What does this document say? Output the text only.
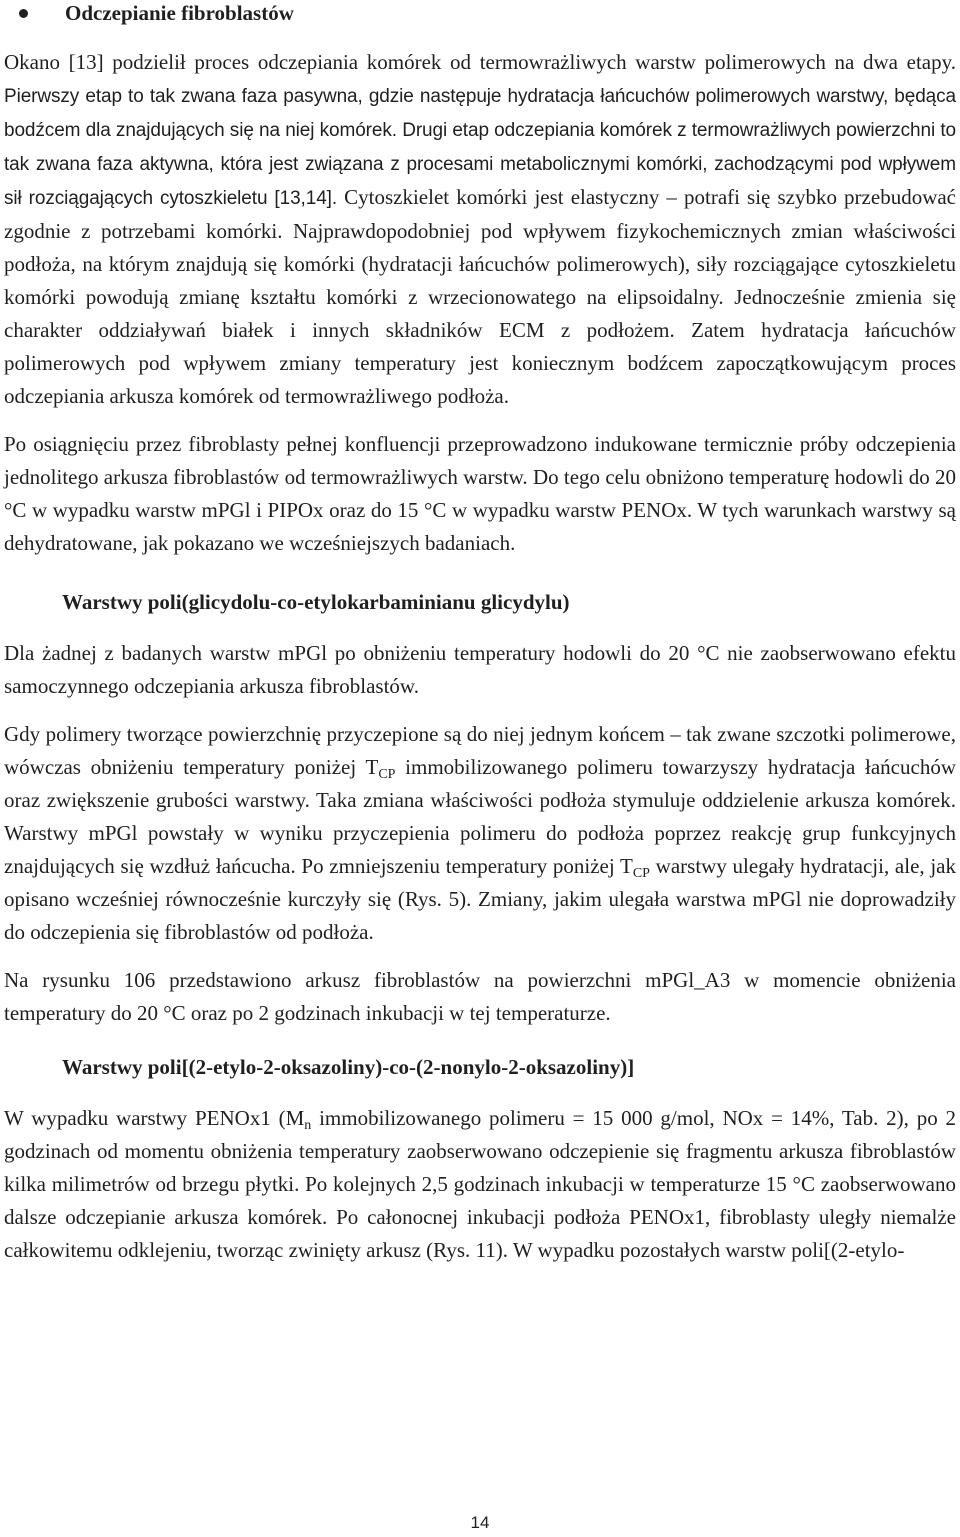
Odczepianie fibroblastów

Okano [13] podzielił proces odczepiania komórek od termowrażliwych warstw polimerowych na dwa etapy. Pierwszy etap to tak zwana faza pasywna, gdzie następuje hydratacja łańcuchów polimerowych warstwy, będąca bodźcem dla znajdujących się na niej komórek. Drugi etap odczepiania komórek z termowrażliwych powierzchni to tak zwana faza aktywna, która jest związana z procesami metabolicznymi komórki, zachodzącymi pod wpływem sił rozciągających cytoszkieletu [13,14]. Cytoszkielet komórki jest elastyczny – potrafi się szybko przebudować zgodnie z potrzebami komórki. Najprawdopodobniej pod wpływem fizykochemicznych zmian właściwości podłoża, na którym znajdują się komórki (hydratacji łańcuchów polimerowych), siły rozciągające cytoszkieletu komórki powodują zmianę kształtu komórki z wrzecionowatego na elipsoidalny. Jednocześnie zmienia się charakter oddziaływań białek i innych składników ECM z podłożem. Zatem hydratacja łańcuchów polimerowych pod wpływem zmiany temperatury jest koniecznym bodźcem zapoczątkowującym proces odczepiania arkusza komórek od termowrażliwego podłoża.

Po osiągnięciu przez fibroblasty pełnej konfluencji przeprowadzono indukowane termicznie próby odczepienia jednolitego arkusza fibroblastów od termowrażliwych warstw. Do tego celu obniżono temperaturę hodowli do 20 °C w wypadku warstw mPGl i PIPOx oraz do 15 °C w wypadku warstw PENOx. W tych warunkach warstwy są dehydratowane, jak pokazano we wcześniejszych badaniach.

Warstwy poli(glicydolu-co-etylokarbaminianu glicydylu)

Dla żadnej z badanych warstw mPGl po obniżeniu temperatury hodowli do 20 °C nie zaobserwowano efektu samoczynnego odczepiania arkusza fibroblastów.

Gdy polimery tworzące powierzchnię przyczepione są do niej jednym końcem – tak zwane szczotki polimerowe, wówczas obniżeniu temperatury poniżej $T_{CP}$ immobilizowanego polimeru towarzyszy hydratacja łańcuchów oraz zwiększenie grubości warstwy. Taka zmiana właściwości podłoża stymuluje oddzielenie arkusza komórek. Warstwy mPGl powstały w wyniku przyczepienia polimeru do podłoża poprzez reakcję grup funkcyjnych znajdujących się wzdłuż łańcucha. Po zmniejszeniu temperatury poniżej $T_{CP}$ warstwy ulegały hydratacji, ale, jak opisano wcześniej równocześnie kurczyły się (Rys. 5). Zmiany, jakim ulegała warstwa mPGl nie doprowadziły do odczepienia się fibroblastów od podłoża.

Na rysunku 106 przedstawiono arkusz fibroblastów na powierzchni mPGl_A3 w momencie obniżenia temperatury do 20 °C oraz po 2 godzinach inkubacji w tej temperaturze.

Warstwy poli[(2-etylo-2-oksazoliny)-co-(2-nonylo-2-oksazoliny)]

W wypadku warstwy PENOx1 ($M_n$ immobilizowanego polimeru = 15 000 g/mol, NOx = 14%, Tab. 2), po 2 godzinach od momentu obniżenia temperatury zaobserwowano odczepienie się fragmentu arkusza fibroblastów kilka milimetrów od brzegu płytki. Po kolejnych 2,5 godzinach inkubacji w temperaturze 15 °C zaobserwowano dalsze odczepianie arkusza komórek. Po całonocnej inkubacji podłoża PENOx1, fibroblasty uległy niemalże całkowitemu odklejeniu, tworząc zwinięty arkusz (Rys. 11). W wypadku pozostałych warstw poli[(2-etylo-

14
